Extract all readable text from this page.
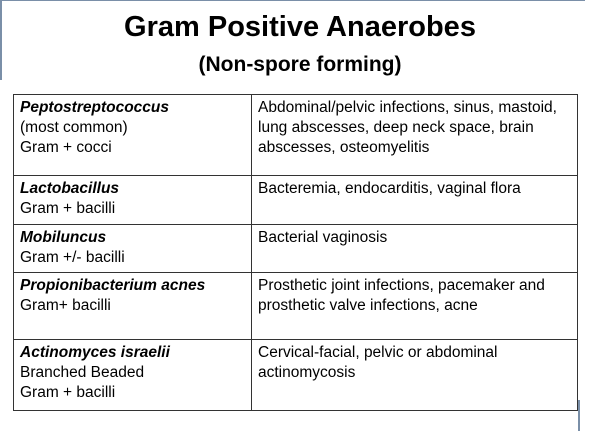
Gram Positive Anaerobes
(Non-spore forming)
Peptostreptococcus
(most common)
Gram + cocci	Abdominal/pelvic infections, sinus, mastoid, lung abscesses, deep neck space, brain abscesses, osteomyelitis

Lactobacillus
Gram + bacilli	Bacteremia, endocarditis, vaginal flora

Mobiluncus
Gram +/- bacilli	Bacterial vaginosis

Propionibacterium acnes
Gram+ bacilli	Prosthetic joint infections, pacemaker and prosthetic valve infections, acne

Actinomyces israelii
Branched Beaded
Gram + bacilli	Cervical-facial, pelvic or abdominal actinomycosis
